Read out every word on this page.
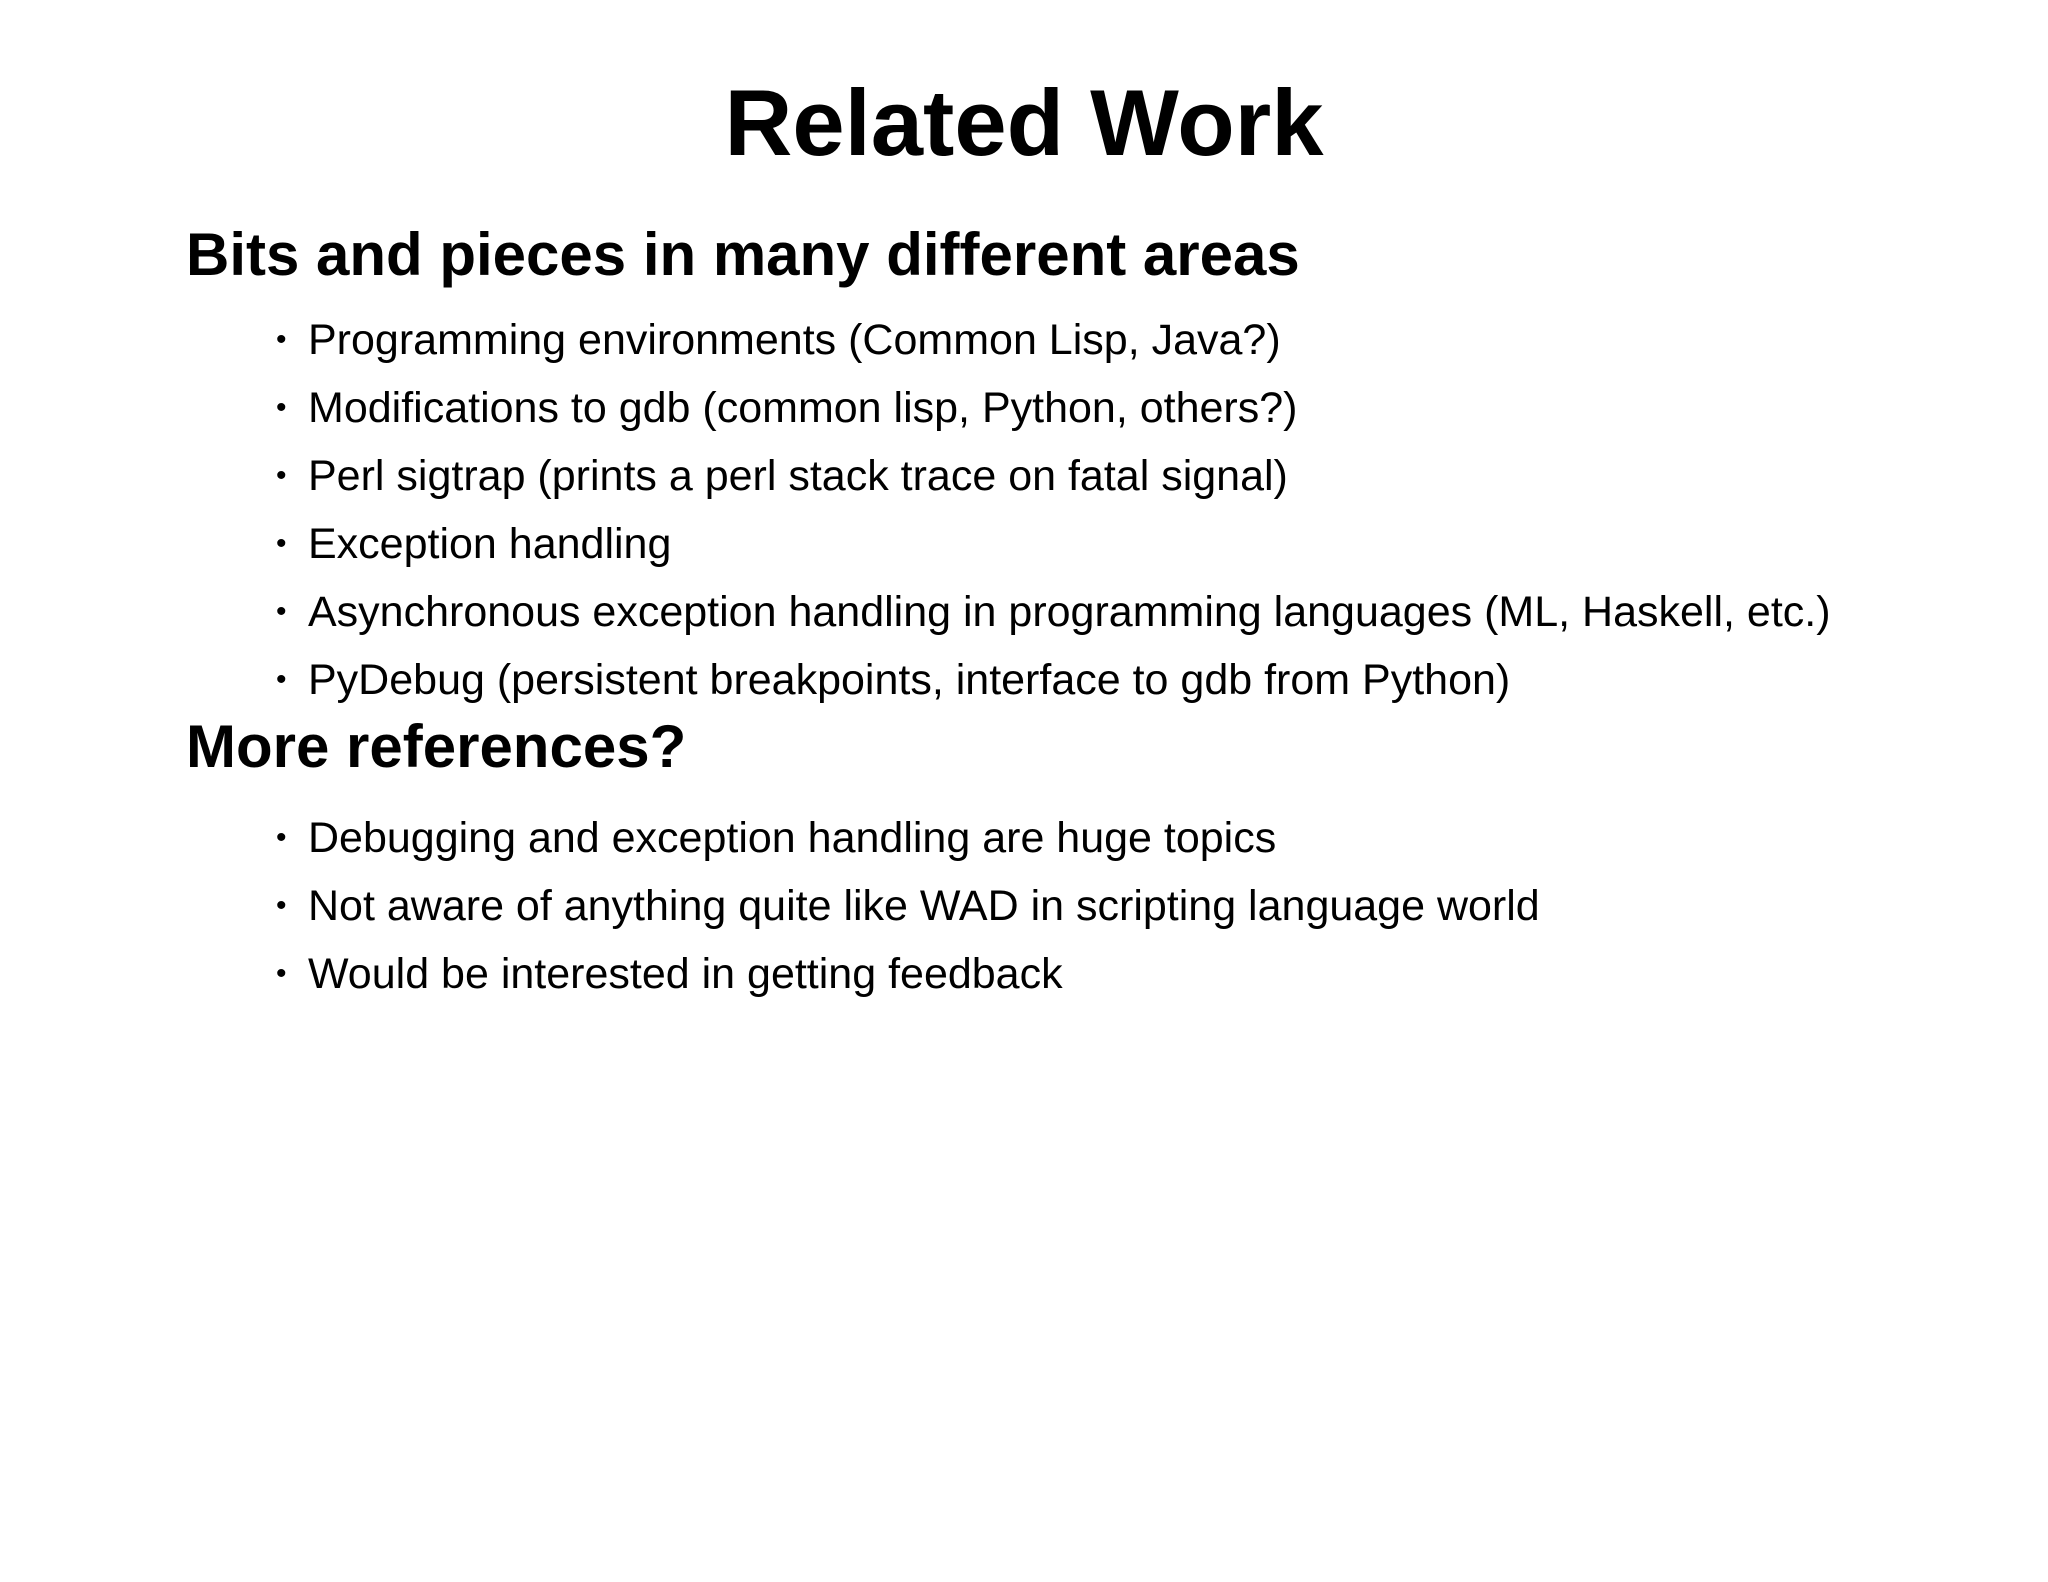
Related Work
Bits and pieces in many different areas
• Programming environments (Common Lisp, Java?)
• Modifications to gdb (common lisp, Python, others?)
• Perl sigtrap (prints a perl stack trace on fatal signal)
• Exception handling
• Asynchronous exception handling in programming languages (ML, Haskell, etc.)
• PyDebug (persistent breakpoints, interface to gdb from Python)
More references?
• Debugging and exception handling are huge topics
• Not aware of anything quite like WAD in scripting language world
• Would be interested in getting feedback
